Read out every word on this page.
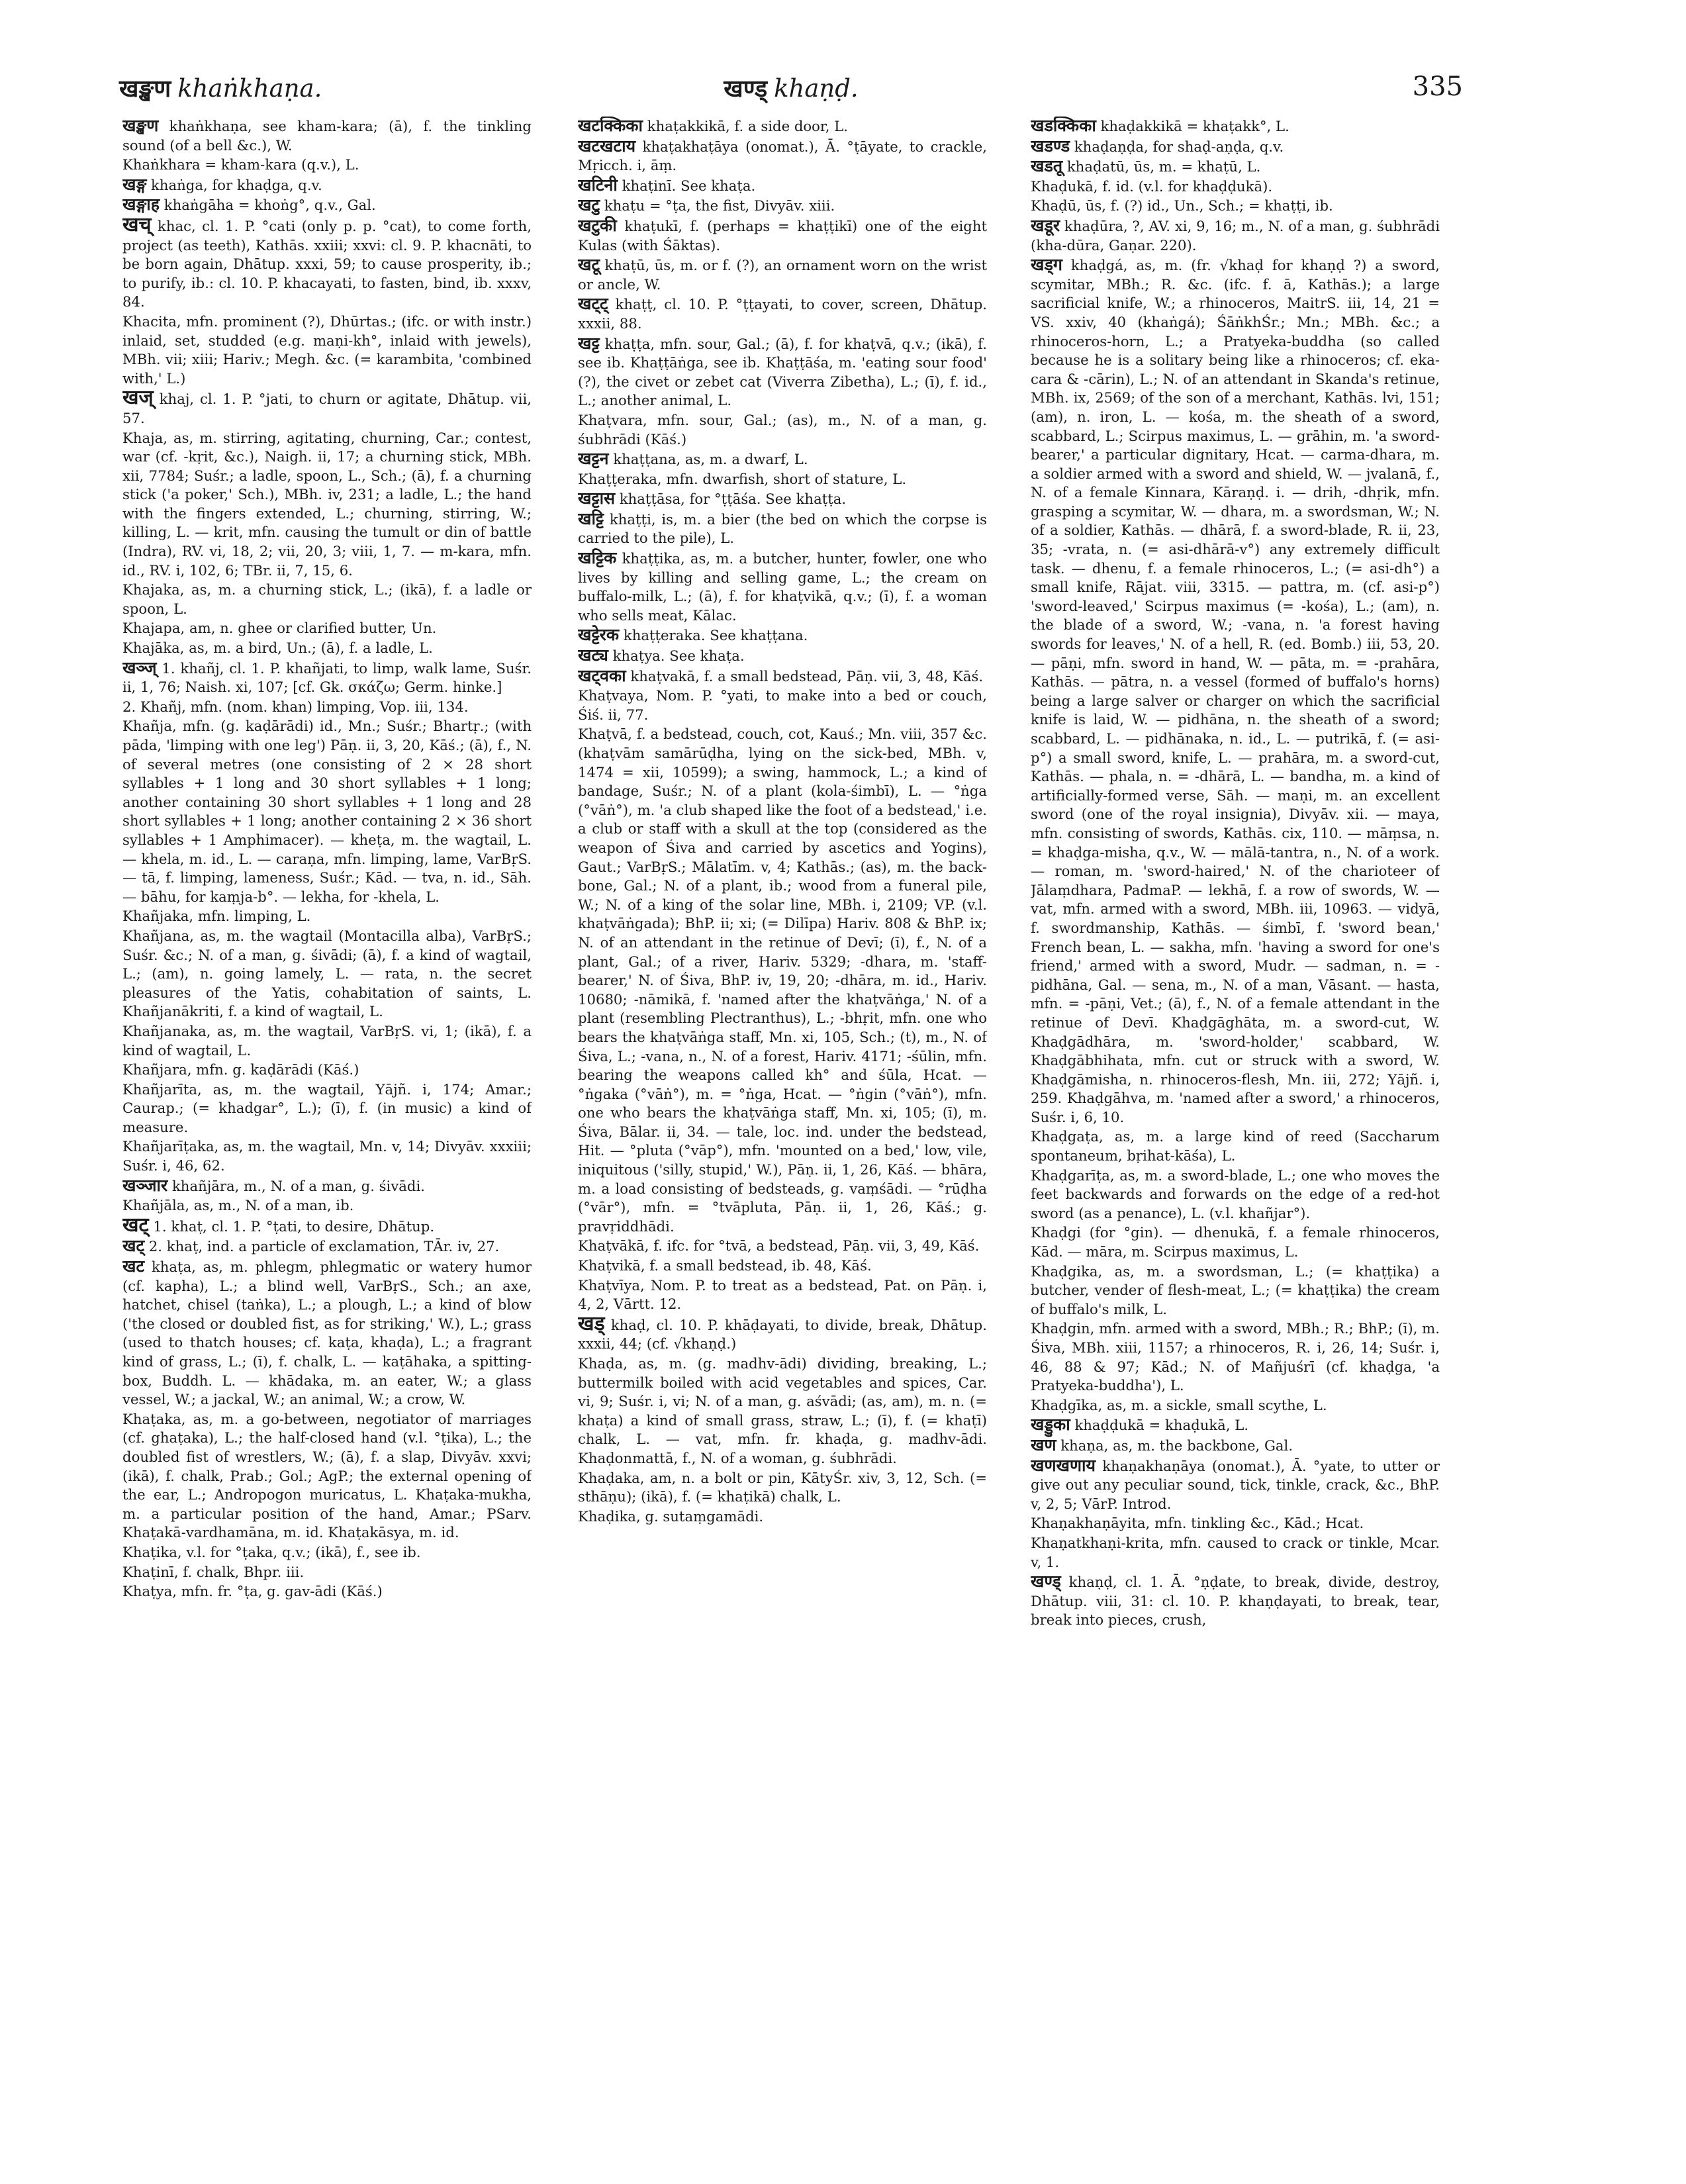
खङ्खण khaṅkhaṇa.	खण्ड् khaṇḍ.	335

खङ्खण khaṅkhaṇa, see kham-kara; (ā), f. the tinkling sound (of a bell &c.), W.

Khaṅkhara = kham-kara (q.v.), L.

खङ्ग khaṅga, for khaḍga, q.v.

खङ्गाह khaṅgāha = khoṅg°, q.v., Gal.

खच् khac, cl. 1. P. °cati (only p. p. °cat), to come forth, project (as teeth), Kathās. xxiii; xxvi: cl. 9. P. khacnāti, to be born again, Dhātup. xxxi, 59; to cause prosperity, ib.; to purify, ib.: cl. 10. P. khacayati, to fasten, bind, ib. xxxv, 84.

Khacita, mfn. prominent (?), Dhūrtas.; (ifc. or with instr.) inlaid, set, studded (e.g. maṇi-kh°, inlaid with jewels), MBh. vii; xiii; Hariv.; Megh. &c. (= karambita, 'combined with,' L.)

खज् khaj, cl. 1. P. °jati, to churn or agitate, Dhātup. vii, 57.

Khaja, as, m. stirring, agitating, churning, Car.; contest, war (cf. -kṛit, &c.), Naigh. ii, 17; a churning stick, MBh. xii, 7784; Suśr.; a ladle, spoon, L., Sch.; (ā), f. a churning stick ('a poker,' Sch.), MBh. iv, 231; a ladle, L.; the hand with the fingers extended, L.; churning, stirring, W.; killing, L. — krit, mfn. causing the tumult or din of battle (Indra), RV. vi, 18, 2; vii, 20, 3; viii, 1, 7. — m-kara, mfn. id., RV. i, 102, 6; TBr. ii, 7, 15, 6.

Khajaka, as, m. a churning stick, L.; (ikā), f. a ladle or spoon, L.

Khajapa, am, n. ghee or clarified butter, Un.

Khajāka, as, m. a bird, Un.; (ā), f. a ladle, L.

खञ्ज् 1. khañj, cl. 1. P. khañjati, to limp, walk lame, Suśr. ii, 1, 76; Naish. xi, 107; [cf. Gk. σκάζω; Germ. hinke.]

2. Khañj, mfn. (nom. khan) limping, Vop. iii, 134.

Khañja, mfn. (g. kaḍārādi) id., Mn.; Suśr.; Bhartṛ.; (with pāda, 'limping with one leg') Pāṇ. ii, 3, 20, Kāś.; (ā), f., N. of several metres (one consisting of 2 × 28 short syllables + 1 long and 30 short syllables + 1 long; another containing 30 short syllables + 1 long and 28 short syllables + 1 long; another containing 2 × 36 short syllables + 1 Amphimacer). — kheṭa, m. the wagtail, L. — khela, m. id., L. — caraṇa, mfn. limping, lame, VarBṛS. — tā, f. limping, lameness, Suśr.; Kād. — tva, n. id., Sāh. — bāhu, for kaṃja-b°. — lekha, for -khela, L.

Khañjaka, mfn. limping, L.

Khañjana, as, m. the wagtail (Montacilla alba), VarBṛS.; Suśr. &c.; N. of a man, g. śivādi; (ā), f. a kind of wagtail, L.; (am), n. going lamely, L. — rata, n. the secret pleasures of the Yatis, cohabitation of saints, L. Khañjanākriti, f. a kind of wagtail, L.

Khañjanaka, as, m. the wagtail, VarBṛS. vi, 1; (ikā), f. a kind of wagtail, L.

Khañjara, mfn. g. kaḍārādi (Kāś.)

Khañjarīta, as, m. the wagtail, Yājñ. i, 174; Amar.; Caurap.; (= khadgar°, L.); (ī), f. (in music) a kind of measure.

Khañjarīṭaka, as, m. the wagtail, Mn. v, 14; Divyāv. xxxiii; Suśr. i, 46, 62.

खञ्जार khañjāra, m., N. of a man, g. śivādi.

Khañjāla, as, m., N. of a man, ib.

खट् 1. khaṭ, cl. 1. P. °ṭati, to desire, Dhātup.

खट् 2. khaṭ, ind. a particle of exclamation, TĀr. iv, 27.

खट khaṭa, as, m. phlegm, phlegmatic or watery humor (cf. kapha), L.; a blind well, VarBṛS., Sch.; an axe, hatchet, chisel (taṅka), L.; a plough, L.; a kind of blow ('the closed or doubled fist, as for striking,' W.), L.; grass (used to thatch houses; cf. kaṭa, khaḍa), L.; a fragrant kind of grass, L.; (ī), f. chalk, L. — kaṭāhaka, a spitting-box, Buddh. L. — khādaka, m. an eater, W.; a glass vessel, W.; a jackal, W.; an animal, W.; a crow, W.

Khaṭaka, as, m. a go-between, negotiator of marriages (cf. ghaṭaka), L.; the half-closed hand (v.l. °ṭika), L.; the doubled fist of wrestlers, W.; (ā), f. a slap, Divyāv. xxvi; (ikā), f. chalk, Prab.; Gol.; AgP.; the external opening of the ear, L.; Andropogon muricatus, L. Khaṭaka-mukha, m. a particular position of the hand, Amar.; PSarv. Khaṭakā-vardhamāna, m. id. Khaṭakāsya, m. id.

Khaṭika, v.l. for °ṭaka, q.v.; (ikā), f., see ib.

Khaṭinī, f. chalk, Bhpr. iii.

Khaṭya, mfn. fr. °ṭa, g. gav-ādi (Kāś.)

खटक्किका khaṭakkikā, f. a side door, L.

खटखटाय khaṭakhaṭāya (onomat.), Ā. °ṭāyate, to crackle, Mṛicch. i, āṃ.

खटिनी khaṭinī. See khaṭa.

खटु khaṭu = °ṭa, the fist, Divyāv. xiii.

खटुकी khaṭukī, f. (perhaps = khaṭṭikī) one of the eight Kulas (with Śāktas).

खटू khaṭū, ūs, m. or f. (?), an ornament worn on the wrist or ancle, W.

खट्ट् khaṭṭ, cl. 10. P. °ṭṭayati, to cover, screen, Dhātup. xxxii, 88.

खट्ट khaṭṭa, mfn. sour, Gal.; (ā), f. for khaṭvā, q.v.; (ikā), f. see ib. Khaṭṭāṅga, see ib. Khaṭṭāśa, m. 'eating sour food' (?), the civet or zebet cat (Viverra Zibetha), L.; (ī), f. id., L.; another animal, L.

Khaṭvara, mfn. sour, Gal.; (as), m., N. of a man, g. śubhrādi (Kāś.)

खट्टन khaṭṭana, as, m. a dwarf, L.

Khaṭṭeraka, mfn. dwarfish, short of stature, L.

खट्टास khaṭṭāsa, for °ṭṭāśa. See khaṭṭa.

खट्टि khaṭṭi, is, m. a bier (the bed on which the corpse is carried to the pile), L.

खट्टिक khaṭṭika, as, m. a butcher, hunter, fowler, one who lives by killing and selling game, L.; the cream on buffalo-milk, L.; (ā), f. for khaṭvikā, q.v.; (ī), f. a woman who sells meat, Kālac.

खट्टेरक khaṭṭeraka. See khaṭṭana.

खट्य khaṭya. See khaṭa.

खट्वका khaṭvakā, f. a small bedstead, Pāṇ. vii, 3, 48, Kāś.

Khaṭvaya, Nom. P. °yati, to make into a bed or couch, Śiś. ii, 77.

Khaṭvā, f. a bedstead, couch, cot, Kauś.; Mn. viii, 357 &c. (khaṭvām samārūḍha, lying on the sick-bed, MBh. v, 1474 = xii, 10599); a swing, hammock, L.; a kind of bandage, Suśr.; N. of a plant (kola-śimbī), L. — °ṅga (°vāṅ°), m. 'a club shaped like the foot of a bedstead,' i.e. a club or staff with a skull at the top (considered as the weapon of Śiva and carried by ascetics and Yogins), Gaut.; VarBṛS.; Mālatīm. v, 4; Kathās.; (as), m. the back-bone, Gal.; N. of a plant, ib.; wood from a funeral pile, W.; N. of a king of the solar line, MBh. i, 2109; VP. (v.l. khaṭvāṅgada); BhP. ii; xi; (= Dilīpa) Hariv. 808 & BhP. ix; N. of an attendant in the retinue of Devī; (ī), f., N. of a plant, Gal.; of a river, Hariv. 5329; -dhara, m. 'staff-bearer,' N. of Śiva, BhP. iv, 19, 20; -dhāra, m. id., Hariv. 10680; -nāmikā, f. 'named after the khaṭvāṅga,' N. of a plant (resembling Plectranthus), L.; -bhṛit, mfn. one who bears the khaṭvāṅga staff, Mn. xi, 105, Sch.; (t), m., N. of Śiva, L.; -vana, n., N. of a forest, Hariv. 4171; -śūlin, mfn. bearing the weapons called kh° and śūla, Hcat. — °ṅgaka (°vāṅ°), m. = °ṅga, Hcat. — °ṅgin (°vāṅ°), mfn. one who bears the khaṭvāṅga staff, Mn. xi, 105; (ī), m. Śiva, Bālar. ii, 34. — tale, loc. ind. under the bedstead, Hit. — °pluta (°vāp°), mfn. 'mounted on a bed,' low, vile, iniquitous ('silly, stupid,' W.), Pāṇ. ii, 1, 26, Kāś. — bhāra, m. a load consisting of bedsteads, g. vaṃśādi. — °rūḍha (°vār°), mfn. = °tvāpluta, Pāṇ. ii, 1, 26, Kāś.; g. pravṛiddhādi.

Khaṭvākā, f. ifc. for °tvā, a bedstead, Pāṇ. vii, 3, 49, Kāś.

Khaṭvikā, f. a small bedstead, ib. 48, Kāś.

Khaṭvīya, Nom. P. to treat as a bedstead, Pat. on Pāṇ. i, 4, 2, Vārtt. 12.

खड् khaḍ, cl. 10. P. khāḍayati, to divide, break, Dhātup. xxxii, 44; (cf. √khaṇḍ.)

Khaḍa, as, m. (g. madhv-ādi) dividing, breaking, L.; buttermilk boiled with acid vegetables and spices, Car. vi, 9; Suśr. i, vi; N. of a man, g. aśvādi; (as, am), m. n. (= khaṭa) a kind of small grass, straw, L.; (ī), f. (= khaṭī) chalk, L. — vat, mfn. fr. khaḍa, g. madhv-ādi. Khaḍonmattā, f., N. of a woman, g. śubhrādi.

Khaḍaka, am, n. a bolt or pin, KātyŚr. xiv, 3, 12, Sch. (= sthāṇu); (ikā), f. (= khaṭikā) chalk, L.

Khaḍika, g. sutaṃgamādi.

खडक्किका khaḍakkikā = khaṭakk°, L.

खडण्ड khaḍaṇḍa, for shaḍ-aṇḍa, q.v.

खडतू khaḍatū, ūs, m. = khaṭū, L.

Khaḍukā, f. id. (v.l. for khaḍḍukā).

Khaḍū, ūs, f. (?) id., Un., Sch.; = khaṭṭi, ib.

खडूर khaḍūra, ?, AV. xi, 9, 16; m., N. of a man, g. śubhrādi (kha-dūra, Gaṇar. 220).

खड्ग khaḍgá, as, m. (fr. √khaḍ for khaṇḍ ?) a sword, scymitar, MBh.; R. &c. (ifc. f. ā, Kathās.); a large sacrificial knife, W.; a rhinoceros, MaitrS. iii, 14, 21 = VS. xxiv, 40 (khaṅgá); ŚāṅkhŚr.; Mn.; MBh. &c.; a rhinoceros-horn, L.; a Pratyeka-buddha (so called because he is a solitary being like a rhinoceros; cf. eka-cara & -cārin), L.; N. of an attendant in Skanda's retinue, MBh. ix, 2569; of the son of a merchant, Kathās. lvi, 151; (am), n. iron, L. — kośa, m. the sheath of a sword, scabbard, L.; Scirpus maximus, L. — grāhin, m. 'a sword-bearer,' a particular dignitary, Hcat. — carma-dhara, m. a soldier armed with a sword and shield, W. — jvalanā, f., N. of a female Kinnara, Kāraṇḍ. i. — drih, -dhṛik, mfn. grasping a scymitar, W. — dhara, m. a swordsman, W.; N. of a soldier, Kathās. — dhārā, f. a sword-blade, R. ii, 23, 35; -vrata, n. (= asi-dhārā-v°) any extremely difficult task. — dhenu, f. a female rhinoceros, L.; (= asi-dh°) a small knife, Rājat. viii, 3315. — pattra, m. (cf. asi-p°) 'sword-leaved,' Scirpus maximus (= -kośa), L.; (am), n. the blade of a sword, W.; -vana, n. 'a forest having swords for leaves,' N. of a hell, R. (ed. Bomb.) iii, 53, 20. — pāṇi, mfn. sword in hand, W. — pāta, m. = -prahāra, Kathās. — pātra, n. a vessel (formed of buffalo's horns) being a large salver or charger on which the sacrificial knife is laid, W. — pidhāna, n. the sheath of a sword; scabbard, L. — pidhānaka, n. id., L. — putrikā, f. (= asi-p°) a small sword, knife, L. — prahāra, m. a sword-cut, Kathās. — phala, n. = -dhārā, L. — bandha, m. a kind of artificially-formed verse, Sāh. — maṇi, m. an excellent sword (one of the royal insignia), Divyāv. xii. — maya, mfn. consisting of swords, Kathās. cix, 110. — māṃsa, n. = khaḍga-misha, q.v., W. — mālā-tantra, n., N. of a work. — roman, m. 'sword-haired,' N. of the charioteer of Jālaṃdhara, PadmaP. — lekhā, f. a row of swords, W. — vat, mfn. armed with a sword, MBh. iii, 10963. — vidyā, f. swordmanship, Kathās. — śimbī, f. 'sword bean,' French bean, L. — sakha, mfn. 'having a sword for one's friend,' armed with a sword, Mudr. — sadman, n. = -pidhāna, Gal. — sena, m., N. of a man, Vāsant. — hasta, mfn. = -pāṇi, Vet.; (ā), f., N. of a female attendant in the retinue of Devī. Khaḍgāghāta, m. a sword-cut, W. Khaḍgādhāra, m. 'sword-holder,' scabbard, W. Khaḍgābhihata, mfn. cut or struck with a sword, W. Khaḍgāmisha, n. rhinoceros-flesh, Mn. iii, 272; Yājñ. i, 259. Khaḍgāhva, m. 'named after a sword,' a rhinoceros, Suśr. i, 6, 10.

Khaḍgaṭa, as, m. a large kind of reed (Saccharum spontaneum, bṛihat-kāśa), L.

Khaḍgarīṭa, as, m. a sword-blade, L.; one who moves the feet backwards and forwards on the edge of a red-hot sword (as a penance), L. (v.l. khañjar°).

Khaḍgi (for °gin). — dhenukā, f. a female rhinoceros, Kād. — māra, m. Scirpus maximus, L.

Khaḍgika, as, m. a swordsman, L.; (= khaṭṭika) a butcher, vender of flesh-meat, L.; (= khaṭṭika) the cream of buffalo's milk, L.

Khaḍgin, mfn. armed with a sword, MBh.; R.; BhP.; (ī), m. Śiva, MBh. xiii, 1157; a rhinoceros, R. i, 26, 14; Suśr. i, 46, 88 & 97; Kād.; N. of Mañjuśrī (cf. khaḍga, 'a Pratyeka-buddha'), L.

Khaḍgīka, as, m. a sickle, small scythe, L.

खड्डुका khaḍḍukā = khaḍukā, L.

खण khaṇa, as, m. the backbone, Gal.

खणखणाय khaṇakhaṇāya (onomat.), Ā. °yate, to utter or give out any peculiar sound, tick, tinkle, crack, &c., BhP. v, 2, 5; VārP. Introd.

Khaṇakhaṇāyita, mfn. tinkling &c., Kād.; Hcat.

Khaṇatkhaṇi-krita, mfn. caused to crack or tinkle, Mcar. v, 1.

खण्ड् khaṇḍ, cl. 1. Ā. °ṇḍate, to break, divide, destroy, Dhātup. viii, 31: cl. 10. P. khaṇḍayati, to break, tear, break into pieces, crush,
